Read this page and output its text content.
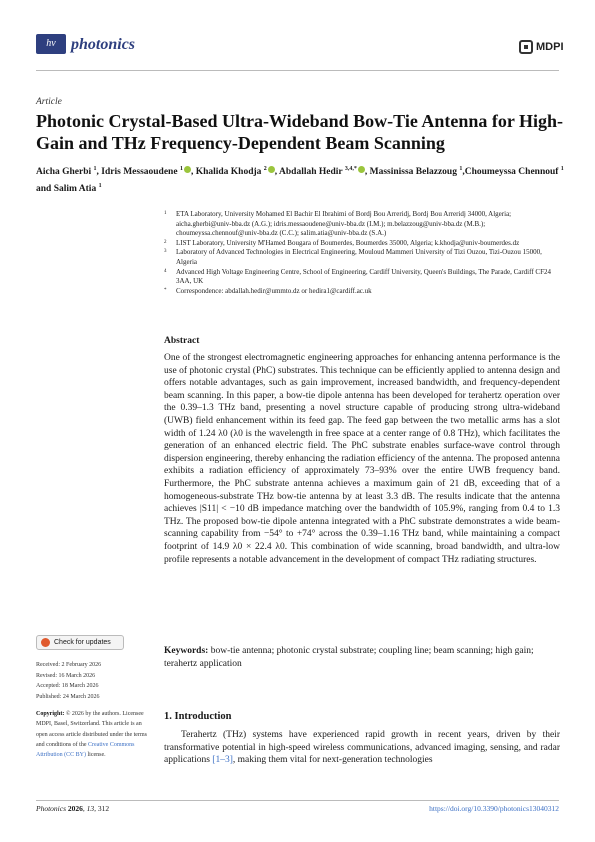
hν photonics	MDPI
Article
Photonic Crystal-Based Ultra-Wideband Bow-Tie Antenna for High-Gain and THz Frequency-Dependent Beam Scanning
Aicha Gherbi $^1$, Idris Messaoudene $^1$ , Khalida Khodja $^2$ , Abdallah Hedir $^{3,4,*}$ , Massinissa Belazzoug $^1$,Choumeyssa Chennouf $^1$ and Salim Atia $^1$
1	ETA Laboratory, University Mohamed El Bachir El Ibrahimi of Bordj Bou Arreridj, Bordj Bou Arreridj 34000, Algeria; aicha.gherbi@univ-bba.dz (A.G.); idris.messaoudene@univ-bba.dz (I.M.); m.belazzoug@univ-bba.dz (M.B.); choumeyssa.chennouf@univ-bba.dz (C.C.); salim.atia@univ-bba.dz (S.A.)
2	LIST Laboratory, University M'Hamed Bougara of Boumerdes, Boumerdes 35000, Algeria; k.khodja@univ-boumerdes.dz
3	Laboratory of Advanced Technologies in Electrical Engineering, Mouloud Mammeri University of Tizi Ouzou, Tizi-Ouzou 15000, Algeria
4	Advanced High Voltage Engineering Centre, School of Engineering, Cardiff University, Queen's Buildings, The Parade, Cardiff CF24 3AA, UK
*	Correspondence: abdallah.hedir@ummto.dz or hedira1@cardiff.ac.uk
Abstract
One of the strongest electromagnetic engineering approaches for enhancing antenna performance is the use of photonic crystal (PhC) substrates. This technique can be efficiently applied to antenna design and offers notable advantages, such as gain improvement, increased bandwidth, and frequency-dependent beam scanning. In this paper, a bow-tie dipole antenna has been developed for terahertz operation over the 0.39–1.3 THz band, presenting a novel structure capable of producing strong ultra-wideband (UWB) field enhancement within its feed gap. The feed gap between the two metallic arms has a slot width of 1.24 λ0 (λ0 is the wavelength in free space at a center range of 0.8 THz), which facilitates the generation of an enhanced electric field. The PhC substrate enables surface-wave control through dispersion engineering, thereby enhancing the radiation efficiency of the antenna. The proposed antenna exhibits a radiation efficiency of approximately 73–93% over the entire UWB frequency band. Furthermore, the PhC substrate antenna achieves a maximum gain of 21 dB, exceeding that of a homogeneous-substrate THz bow-tie antenna by at least 3.3 dB. The results indicate that the antenna achieves |S11| < −10 dB impedance matching over the bandwidth of 105.9%, ranging from 0.4 to 1.3 THz. The proposed bow-tie dipole antenna integrated with a PhC substrate demonstrates a wide beam-scanning capability from −54° to +74° across the 0.39–1.16 THz band, while maintaining a compact footprint of 14.9 λ0 × 22.4 λ0. This combination of wide scanning, broad bandwidth, and ultra-low profile represents a notable advancement in the development of compact THz radiating structures.
Keywords: bow-tie antenna; photonic crystal substrate; coupling line; beam scanning; high gain; terahertz application
1. Introduction
Terahertz (THz) systems have experienced rapid growth in recent years, driven by their transformative potential in high-speed wireless communications, advanced imaging, sensing, and radar applications [1–3], making them vital for next-generation technologies
Check for updates
Received: 2 February 2026
Revised: 16 March 2026
Accepted: 18 March 2026
Published: 24 March 2026
Copyright: © 2026 by the authors. Licensee MDPI, Basel, Switzerland. This article is an open access article distributed under the terms and conditions of the Creative Commons Attribution (CC BY) license.
Photonics 2026, 13, 312	https://doi.org/10.3390/photonics13040312
